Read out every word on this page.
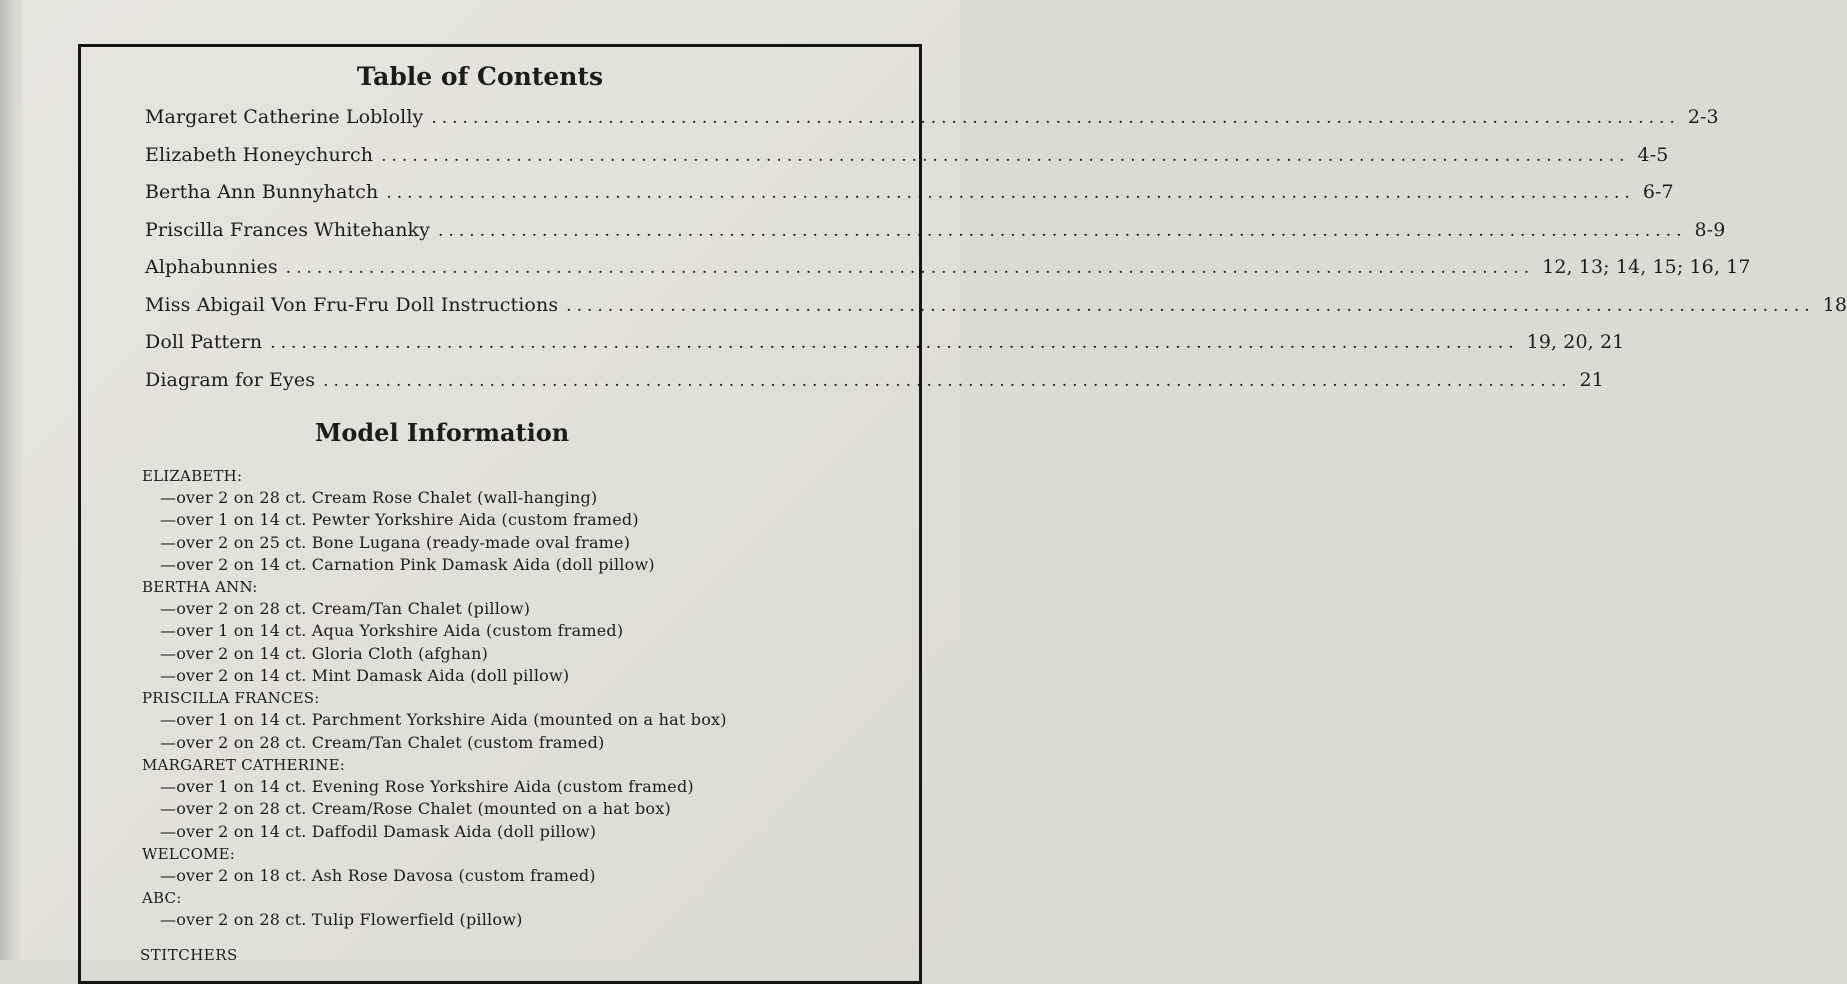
Table of Contents
Margaret Catherine Loblolly ........................................................................................................................ 2-3
Elizabeth Honeychurch ........................................................................................................................ 4-5
Bertha Ann Bunnyhatch ........................................................................................................................ 6-7
Priscilla Frances Whitehanky ........................................................................................................................ 8-9
Alphabunnies ........................................................................................................................ 12, 13; 14, 15; 16, 17
Miss Abigail Von Fru-Fru Doll Instructions ........................................................................................................................ 18
Doll Pattern ........................................................................................................................ 19, 20, 21
Diagram for Eyes ........................................................................................................................ 21
Model Information
ELIZABETH:
—over 2 on 28 ct. Cream Rose Chalet (wall-hanging)
—over 1 on 14 ct. Pewter Yorkshire Aida (custom framed)
—over 2 on 25 ct. Bone Lugana (ready-made oval frame)
—over 2 on 14 ct. Carnation Pink Damask Aida (doll pillow)
BERTHA ANN:
—over 2 on 28 ct. Cream/Tan Chalet (pillow)
—over 1 on 14 ct. Aqua Yorkshire Aida (custom framed)
—over 2 on 14 ct. Gloria Cloth (afghan)
—over 2 on 14 ct. Mint Damask Aida (doll pillow)
PRISCILLA FRANCES:
—over 1 on 14 ct. Parchment Yorkshire Aida (mounted on a hat box)
—over 2 on 28 ct. Cream/Tan Chalet (custom framed)
MARGARET CATHERINE:
—over 1 on 14 ct. Evening Rose Yorkshire Aida (custom framed)
—over 2 on 28 ct. Cream/Rose Chalet (mounted on a hat box)
—over 2 on 14 ct. Daffodil Damask Aida (doll pillow)
WELCOME:
—over 2 on 18 ct. Ash Rose Davosa (custom framed)
ABC:
—over 2 on 28 ct. Tulip Flowerfield (pillow)
STITCHERS
